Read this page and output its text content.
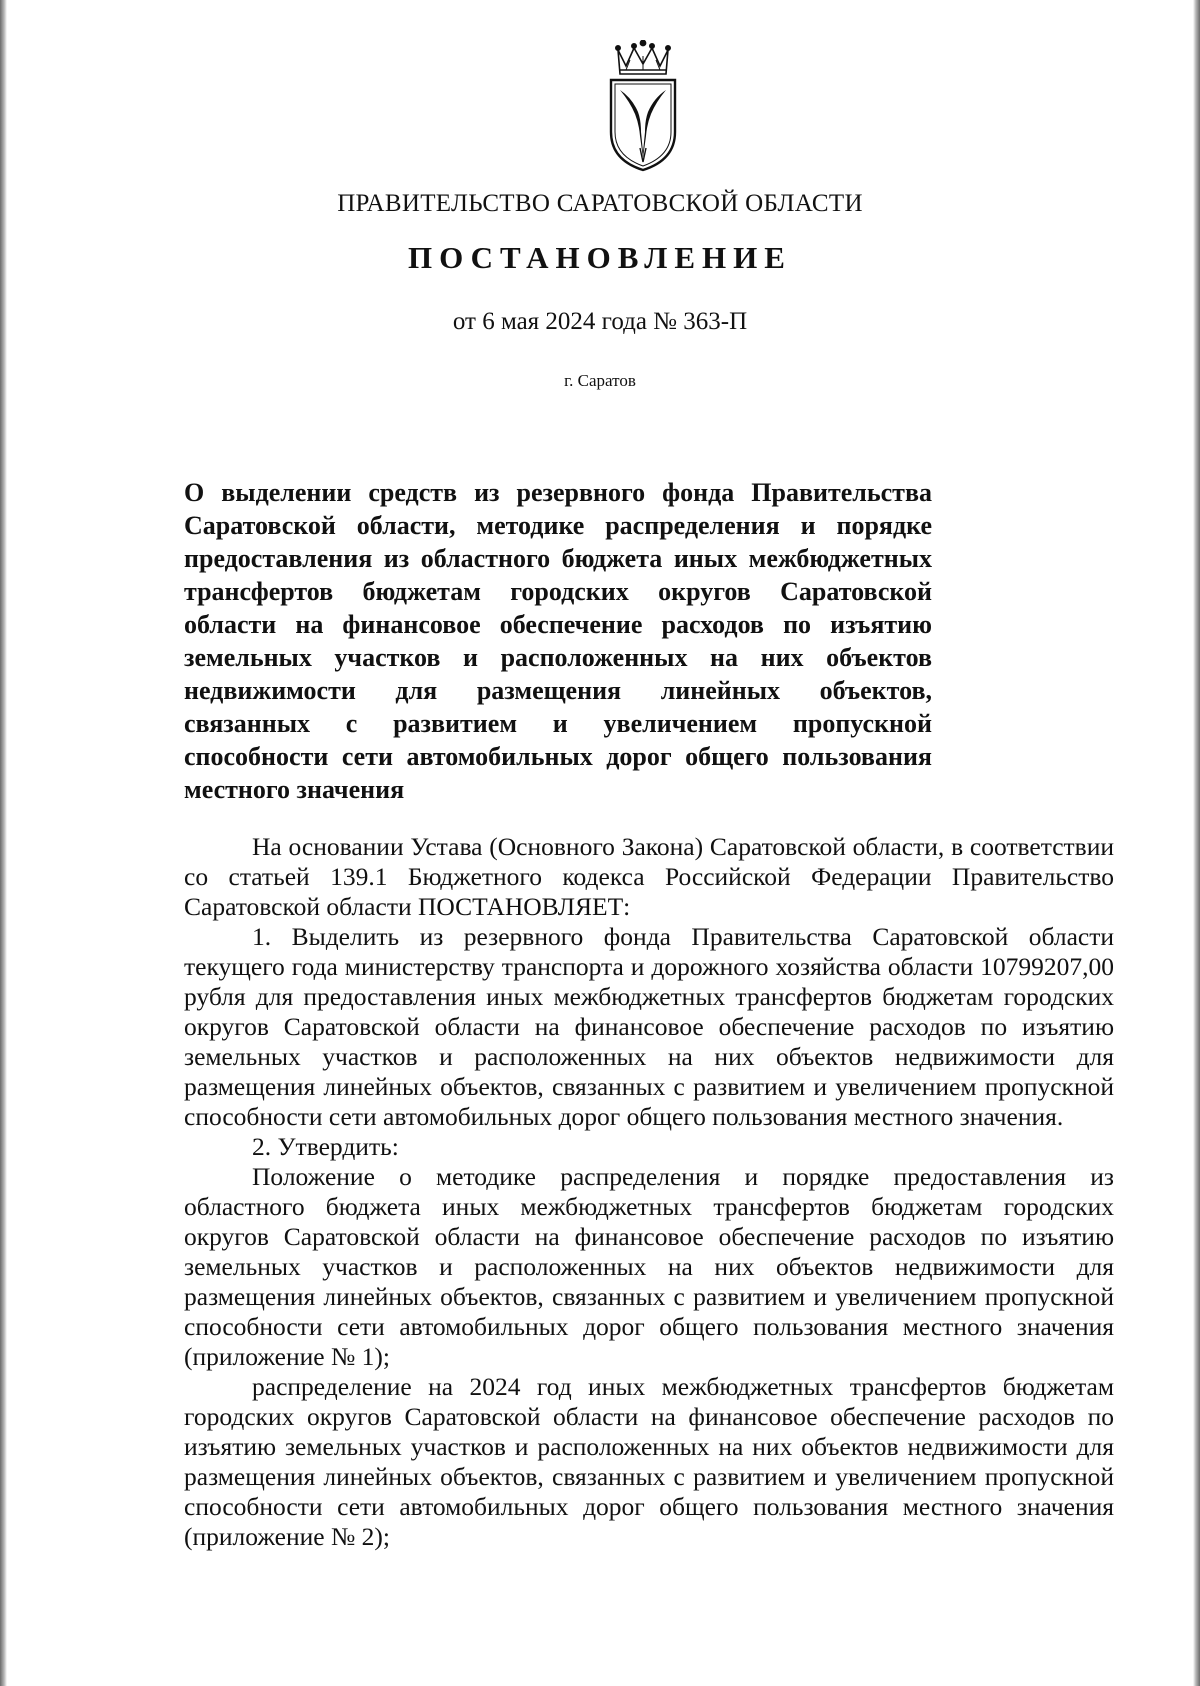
ПРАВИТЕЛЬСТВО САРАТОВСКОЙ ОБЛАСТИ
ПОСТАНОВЛЕНИЕ
от 6 мая 2024 года № 363-П
г. Саратов
О выделении средств из резервного фонда Правительства Саратовской области, методике распределения и порядке предоставления из областного бюджета иных межбюджетных трансфертов бюджетам городских округов Саратовской области на финансовое обеспечение расходов по изъятию земельных участков и расположенных на них объектов недвижимости для размещения линейных объектов, связанных с развитием и увеличением пропускной способности сети автомобильных дорог общего пользования местного значения

На основании Устава (Основного Закона) Саратовской области, в соответствии со статьей 139.1 Бюджетного кодекса Российской Федерации Правительство Саратовской области ПОСТАНОВЛЯЕТ:

1. Выделить из резервного фонда Правительства Саратовской области текущего года министерству транспорта и дорожного хозяйства области 10799207,00 рубля для предоставления иных межбюджетных трансфертов бюджетам городских округов Саратовской области на финансовое обеспечение расходов по изъятию земельных участков и расположенных на них объектов недвижимости для размещения линейных объектов, связанных с развитием и увеличением пропускной способности сети автомобильных дорог общего пользования местного значения.

2. Утвердить:

Положение о методике распределения и порядке предоставления из областного бюджета иных межбюджетных трансфертов бюджетам городских округов Саратовской области на финансовое обеспечение расходов по изъятию земельных участков и расположенных на них объектов недвижимости для размещения линейных объектов, связанных с развитием и увеличением пропускной способности сети автомобильных дорог общего пользования местного значения (приложение № 1);

распределение на 2024 год иных межбюджетных трансфертов бюджетам городских округов Саратовской области на финансовое обеспечение расходов по изъятию земельных участков и расположенных на них объектов недвижимости для размещения линейных объектов, связанных с развитием и увеличением пропускной способности сети автомобильных дорог общего пользования местного значения (приложение № 2);
